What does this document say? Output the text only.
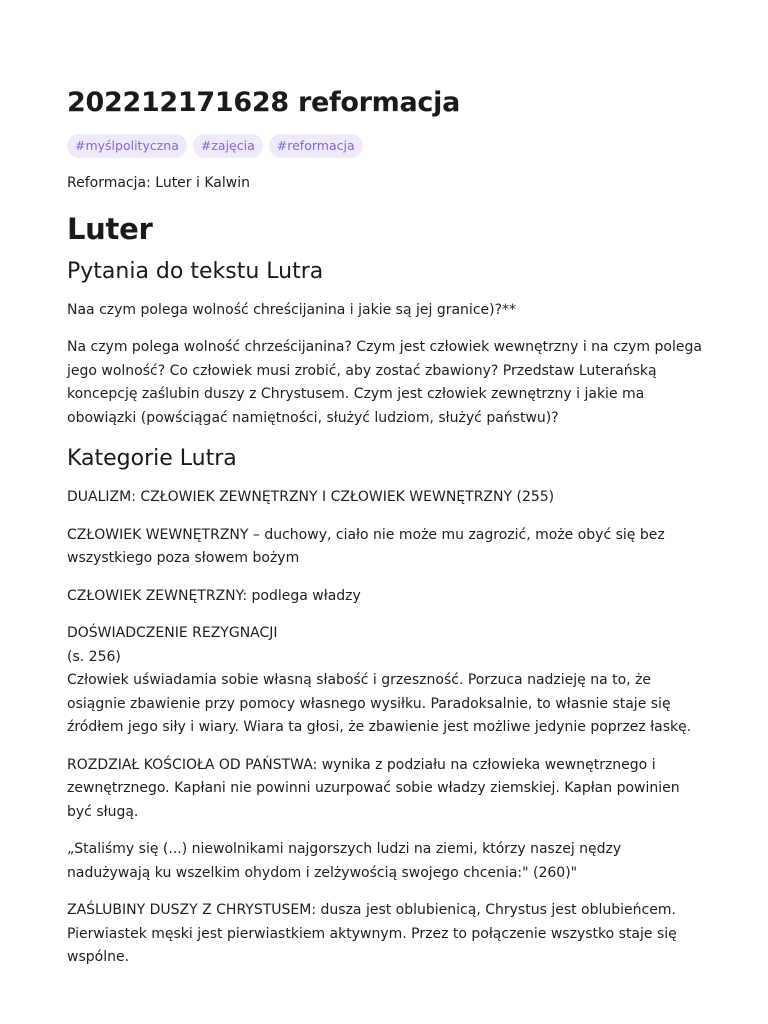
202212171628 reformacja
#myślpolityczna	#zajęcia	#reformacja

Reformacja: Luter i Kalwin

Luter
Pytania do tekstu Lutra

Naa czym polega wolność chreścijanina i jakie są jej granice)?**

Na czym polega wolność chrześcijanina? Czym jest człowiek wewnętrzny i na czym polega jego wolność? Co człowiek musi zrobić, aby zostać zbawiony? Przedstaw Luterańską koncepcję zaślubin duszy z Chrystusem. Czym jest człowiek zewnętrzny i jakie ma obowiązki (powściągać namiętności, służyć ludziom, służyć państwu)?

Kategorie Lutra

DUALIZM: CZŁOWIEK ZEWNĘTRZNY I CZŁOWIEK WEWNĘTRZNY (255)

CZŁOWIEK WEWNĘTRZNY – duchowy, ciało nie może mu zagrozić, może obyć się bez wszystkiego poza słowem bożym

CZŁOWIEK ZEWNĘTRZNY: podlega władzy

DOŚWIADCZENIE REZYGNACJI

(s. 256)

Człowiek uświadamia sobie własną słabość i grzeszność. Porzuca nadzieję na to, że osiągnie zbawienie przy pomocy własnego wysiłku. Paradoksalnie, to własnie staje się źródłem jego siły i wiary. Wiara ta głosi, że zbawienie jest możliwe jedynie poprzez łaskę.

ROZDZIAŁ KOŚCIOŁA OD PAŃSTWA: wynika z podziału na człowieka wewnętrznego i zewnętrznego. Kapłani nie powinni uzurpować sobie władzy ziemskiej. Kapłan powinien być sługą.

„Staliśmy się (...) niewolnikami najgorszych ludzi na ziemi, którzy naszej nędzy nadużywają ku wszelkim ohydom i zelżywością swojego chcenia:" (260)"

ZAŚLUBINY DUSZY Z CHRYSTUSEM: dusza jest oblubienicą, Chrystus jest oblubieńcem. Pierwiastek męski jest pierwiastkiem aktywnym. Przez to połączenie wszystko staje się wspólne.
